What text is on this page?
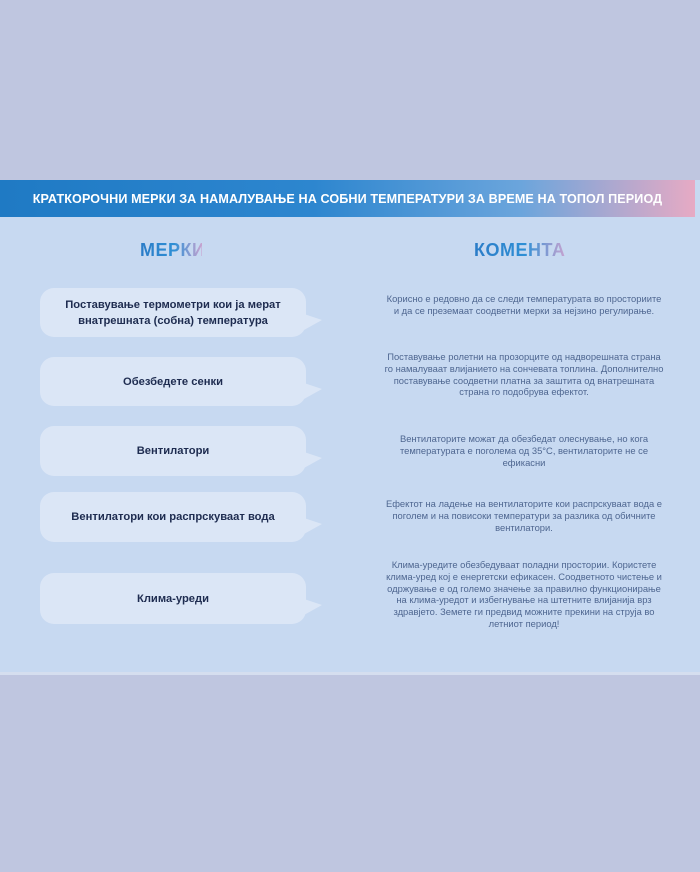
КРАТКОРОЧНИ МЕРКИ ЗА НАМАЛУВАЊЕ НА СОБНИ ТЕМПЕРАТУРИ ЗА ВРЕМЕ НА ТОПОЛ ПЕРИОД
МЕРКИ	КОМЕНТАР
Поставување термометри кои ја мерат внатрешната (собна) температура
Корисно е редовно да се следи температурата во просториите и да се преземаат соодветни мерки за нејзино регулирање.
Обезбедете сенки
Поставување ролетни на прозорците од надворешната страна го намалуваат влијанието на сончевата топлина. Дополнително поставување соодветни платна за заштита од внатрешната страна го подобрува ефектот.
Вентилатори
Вентилаторите можат да обезбедат олеснување, но кога температурата е поголема од 35°C, вентилаторите не се ефикасни
Вентилатори кои распрскуваат вода
Ефектот на ладење на вентилаторите кои распрскуваат вода е поголем и на повисоки температури за разлика од обичните вентилатори.
Клима-уреди
Клима-уредите обезбедуваат поладни простории. Користете клима-уред кој е енергетски ефикасен. Соодветното чистење и одржување е од големо значење за правилно функционирање на клима-уредот и избегнување на штетните влијанија врз здравјето. Земете ги предвид можните прекини на струја во летниот период!
